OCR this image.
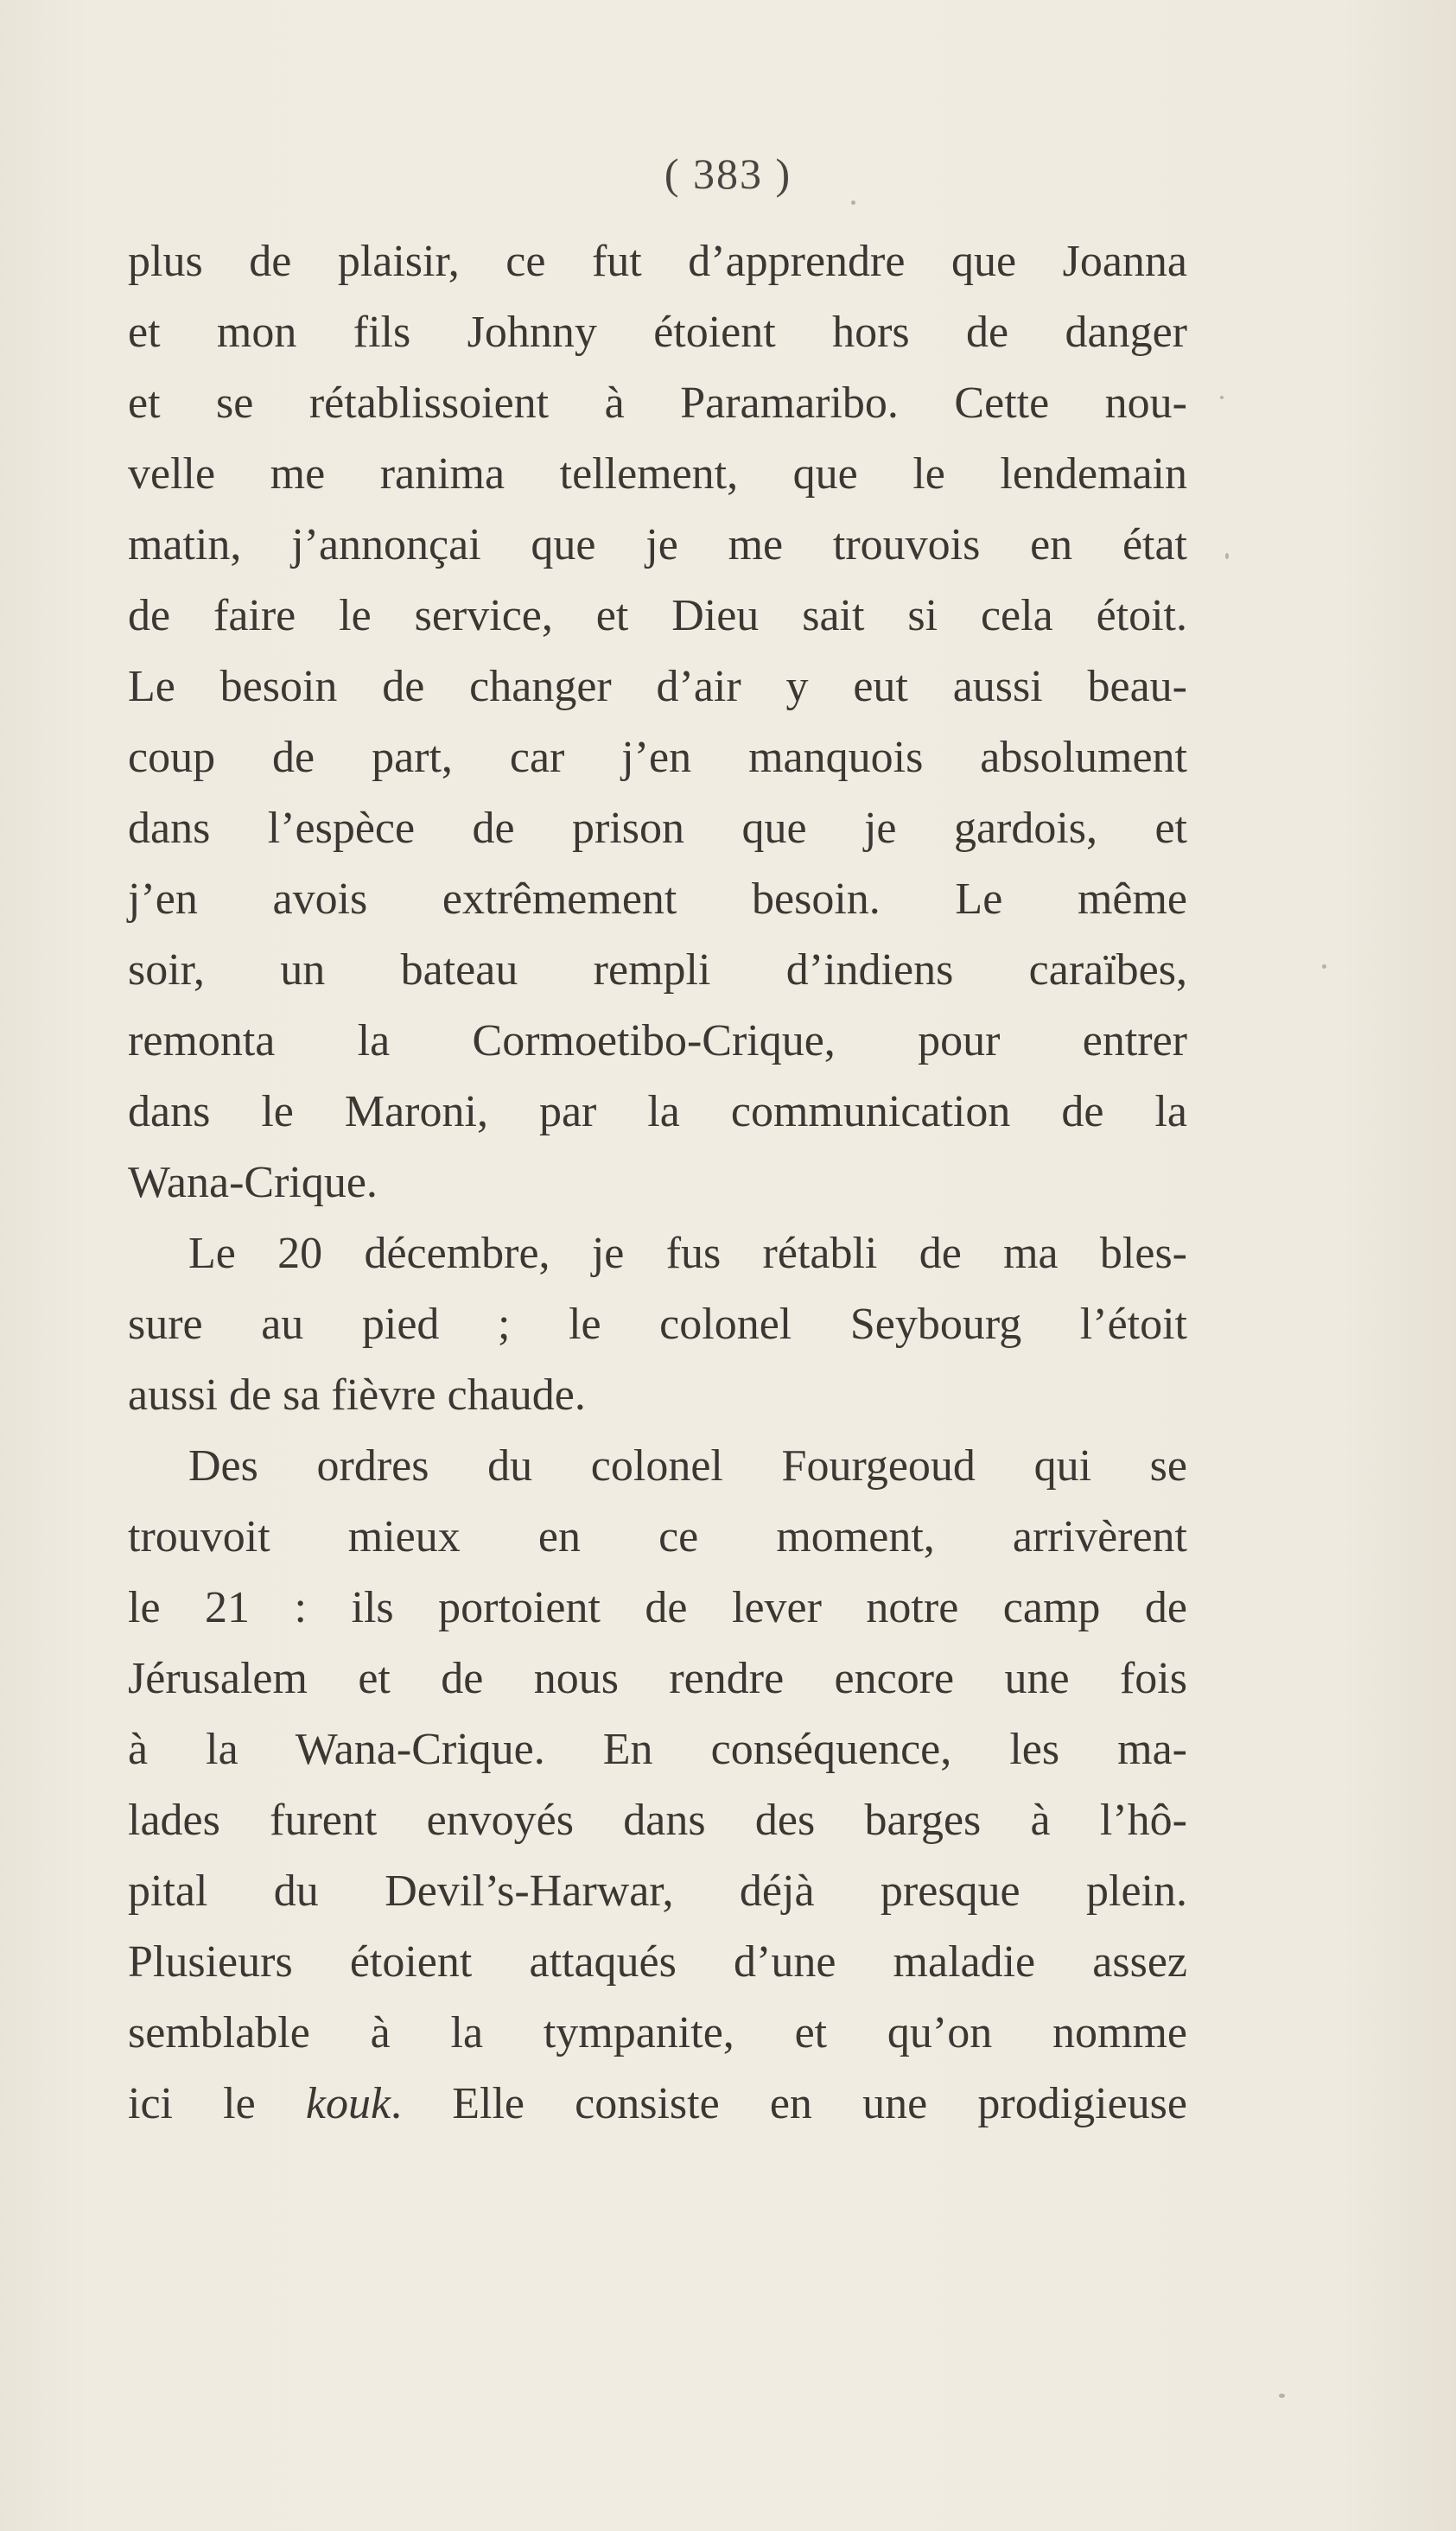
( 383 )

plus de plaisir, ce fut d’apprendre que Joanna
et mon fils Johnny étoient hors de danger
et se rétablissoient à Paramaribo. Cette nou-
velle me ranima tellement, que le lendemain
matin, j’annonçai que je me trouvois en état
de faire le service, et Dieu sait si cela étoit.
Le besoin de changer d’air y eut aussi beau-
coup de part, car j’en manquois absolument
dans l’espèce de prison que je gardois, et
j’en avois extrêmement besoin. Le même
soir, un bateau rempli d’indiens caraïbes,
remonta la Cormoetibo-Crique, pour entrer
dans le Maroni, par la communication de la
Wana-Crique.
Le 20 décembre, je fus rétabli de ma bles-
sure au pied ; le colonel Seybourg l’étoit
aussi de sa fièvre chaude.
Des ordres du colonel Fourgeoud qui se
trouvoit mieux en ce moment, arrivèrent
le 21 : ils portoient de lever notre camp de
Jérusalem et de nous rendre encore une fois
à la Wana-Crique. En conséquence, les ma-
lades furent envoyés dans des barges à l’hô-
pital du Devil’s-Harwar, déjà presque plein.
Plusieurs étoient attaqués d’une maladie assez
semblable à la tympanite, et qu’on nomme
ici le kouk. Elle consiste en une prodigieuse
